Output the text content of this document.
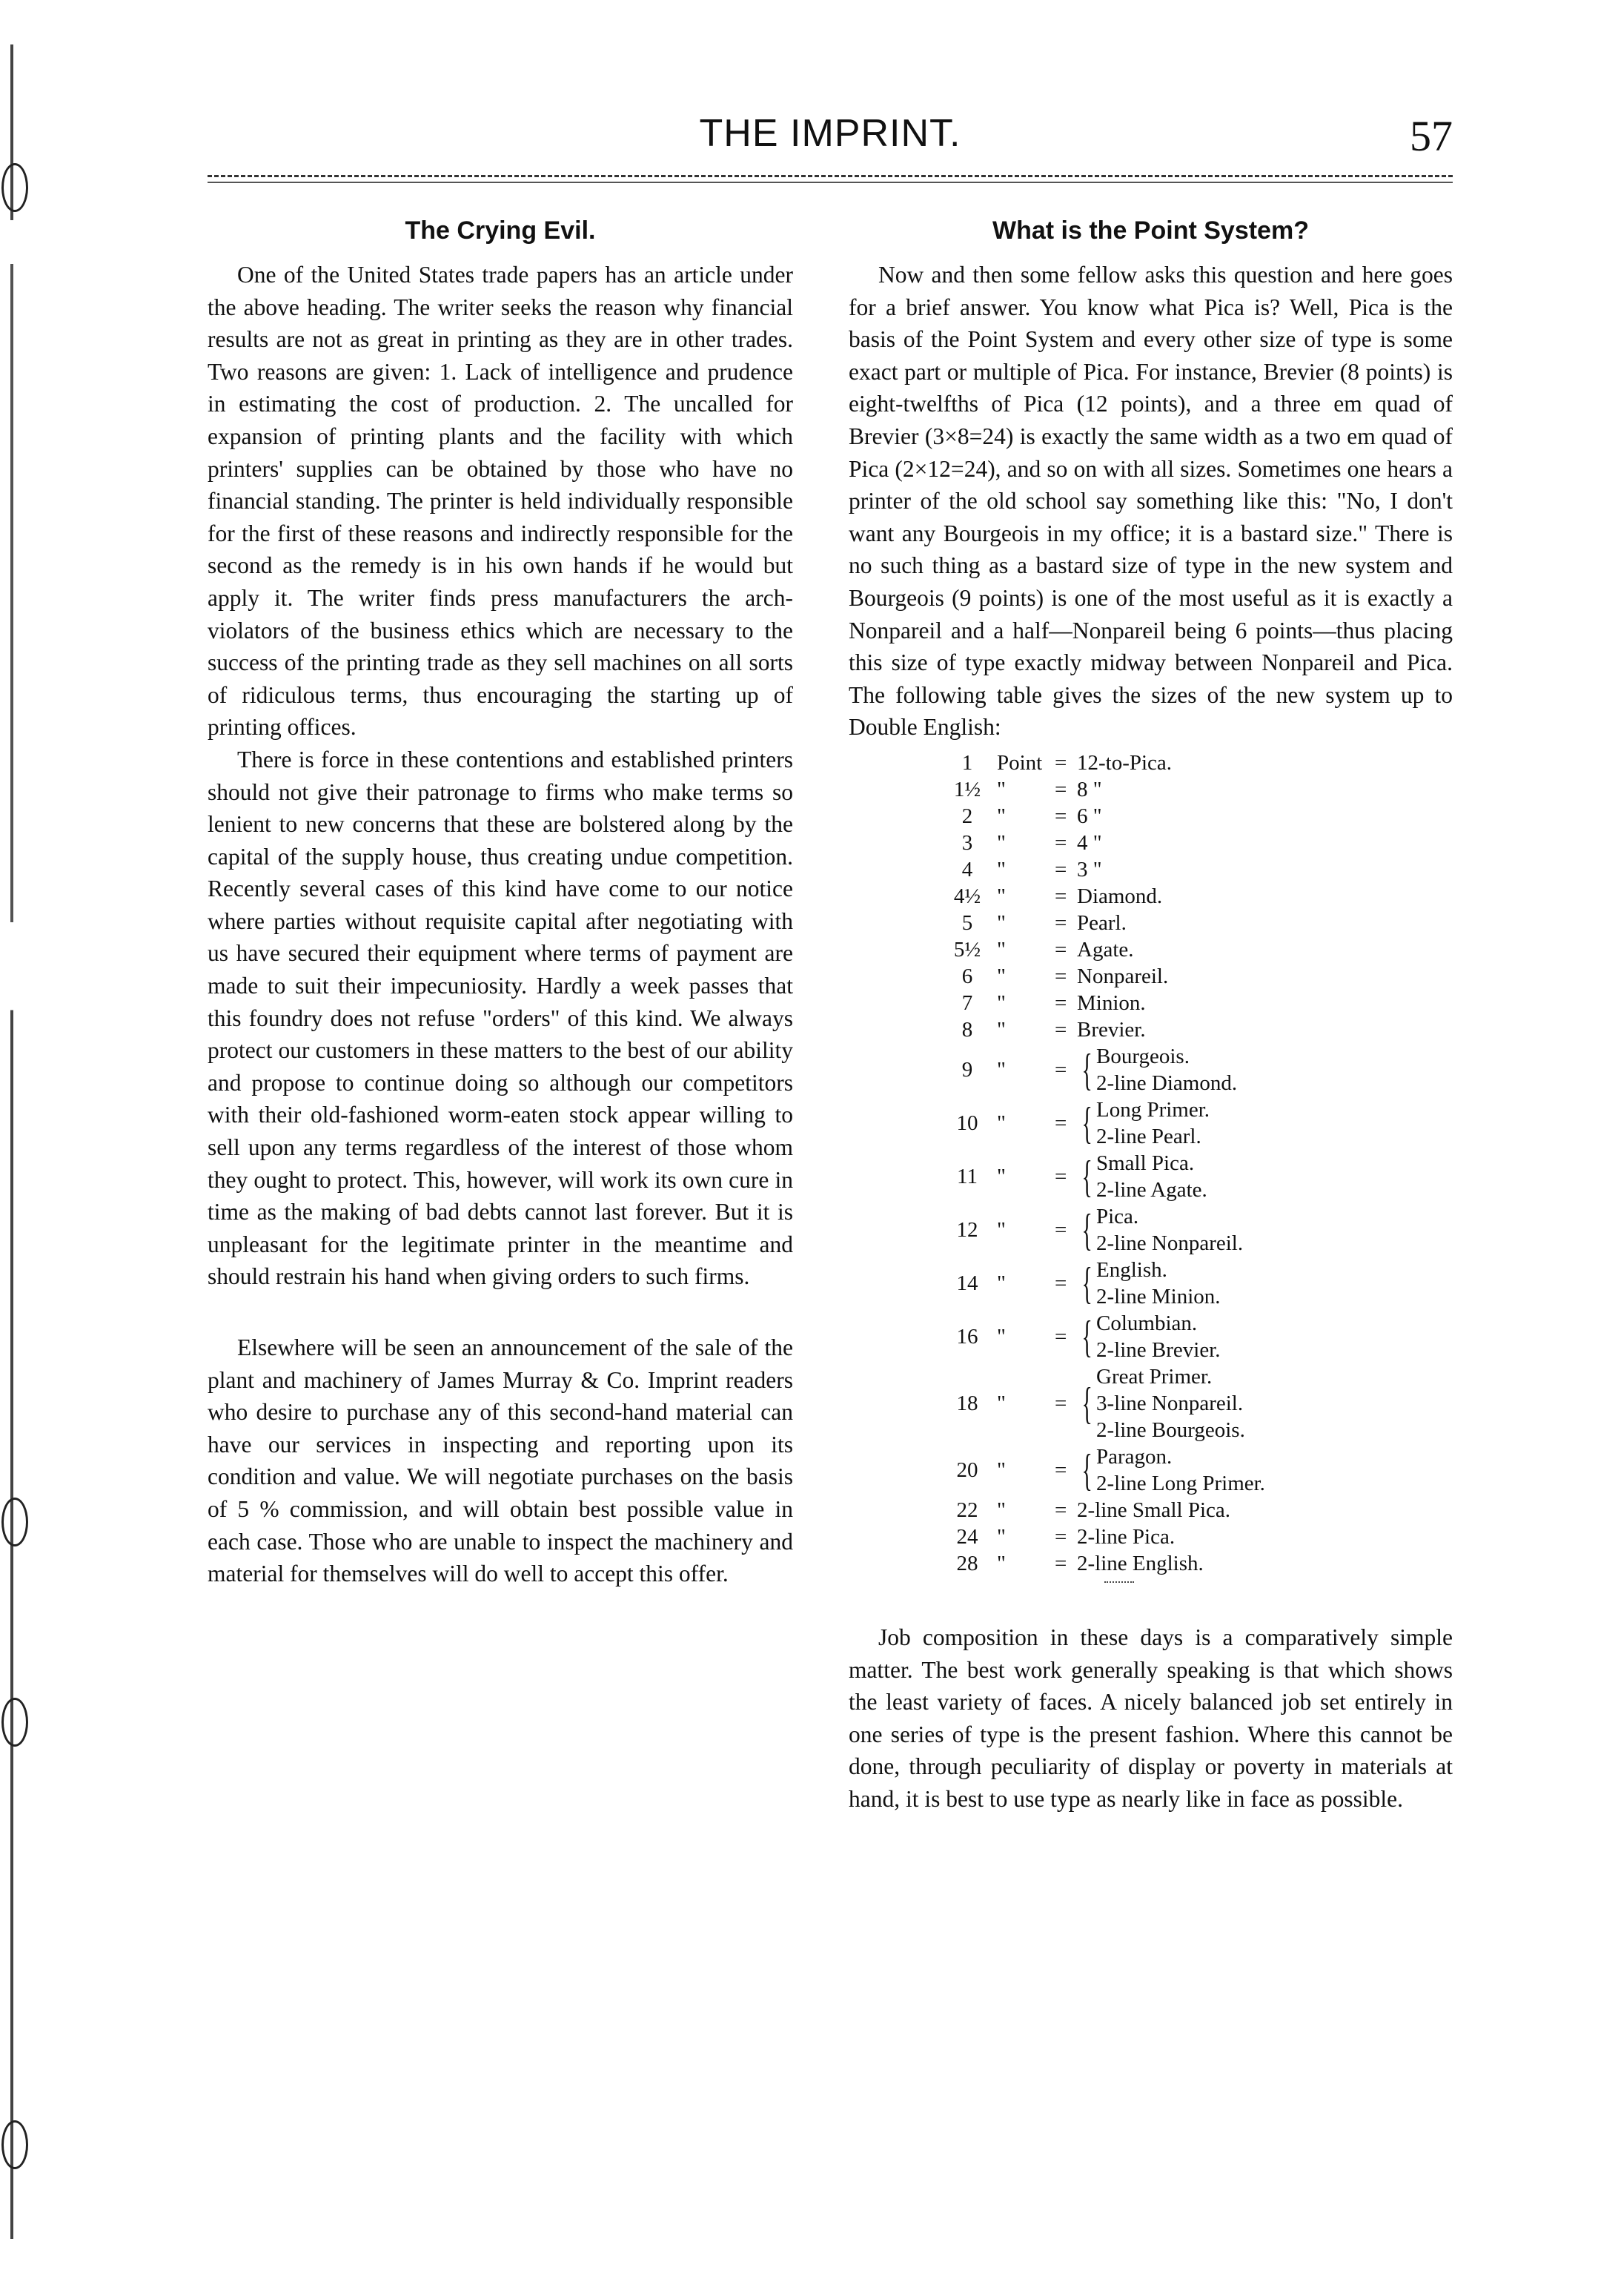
THE IMPRINT.	57
The Crying Evil.

One of the United States trade papers has an article under the above heading. The writer seeks the reason why financial results are not as great in printing as they are in other trades. Two reasons are given: 1. Lack of intelligence and prudence in estimating the cost of production. 2. The uncalled for expansion of printing plants and the facility with which printers' supplies can be obtained by those who have no financial standing. The printer is held individually responsible for the first of these reasons and indirectly responsible for the second as the remedy is in his own hands if he would but apply it. The writer finds press manufacturers the arch-violators of the business ethics which are necessary to the success of the printing trade as they sell machines on all sorts of ridiculous terms, thus encouraging the starting up of printing offices.

There is force in these contentions and established printers should not give their patronage to firms who make terms so lenient to new concerns that these are bolstered along by the capital of the supply house, thus creating undue competition. Recently several cases of this kind have come to our notice where parties without requisite capital after negotiating with us have secured their equipment where terms of payment are made to suit their impecuniosity. Hardly a week passes that this foundry does not refuse "orders" of this kind. We always protect our customers in these matters to the best of our ability and propose to continue doing so although our competitors with their old-fashioned worm-eaten stock appear willing to sell upon any terms regardless of the interest of those whom they ought to protect. This, however, will work its own cure in time as the making of bad debts cannot last forever. But it is unpleasant for the legitimate printer in the meantime and should restrain his hand when giving orders to such firms.

Elsewhere will be seen an announcement of the sale of the plant and machinery of James Murray & Co. Imprint readers who desire to purchase any of this second-hand material can have our services in inspecting and reporting upon its condition and value. We will negotiate purchases on the basis of 5 % commission, and will obtain best possible value in each case. Those who are unable to inspect the machinery and material for themselves will do well to accept this offer.

What is the Point System?

Now and then some fellow asks this question and here goes for a brief answer. You know what Pica is? Well, Pica is the basis of the Point System and every other size of type is some exact part or multiple of Pica. For instance, Brevier (8 points) is eight-twelfths of Pica (12 points), and a three em quad of Brevier (3×8=24) is exactly the same width as a two em quad of Pica (2×12=24), and so on with all sizes. Sometimes one hears a printer of the old school say something like this: "No, I don't want any Bourgeois in my office; it is a bastard size." There is no such thing as a bastard size of type in the new system and Bourgeois (9 points) is one of the most useful as it is exactly a Nonpareil and a half—Nonpareil being 6 points—thus placing this size of type exactly midway between Nonpareil and Pica. The following table gives the sizes of the new system up to Double English:

1	Point = 12-to-Pica.
1½ "	= 8 "
2	"	= 6 "
3	"	= 4 "
4	"	= 3 "
4½ "	= Diamond.
5	"	= Pearl.
5½ "	= Agate.
6	"	= Nonpareil.
7	"	= Minion.
8	"	= Brevier.
9	"	= { Bourgeois.
2-line Diamond.
10 "	= { Long Primer.
2-line Pearl.
11 "	= { Small Pica.
2-line Agate.
12 "	= { Pica.
2-line Nonpareil.
14 "	= { English.
2-line Minion.
16 "	= { Columbian.
2-line Brevier.
18 "	= {
Great Primer.
3-line Nonpareil.
2-line Bourgeois.
20 "	= { Paragon.
2-line Long Primer.
22 "	= 2-line Small Pica.
24 "	= 2-line Pica.
28 "	= 2-line English.

Job composition in these days is a comparatively simple matter. The best work generally speaking is that which shows the least variety of faces. A nicely balanced job set entirely in one series of type is the present fashion. Where this cannot be done, through peculiarity of display or poverty in materials at hand, it is best to use type as nearly like in face as possible.
